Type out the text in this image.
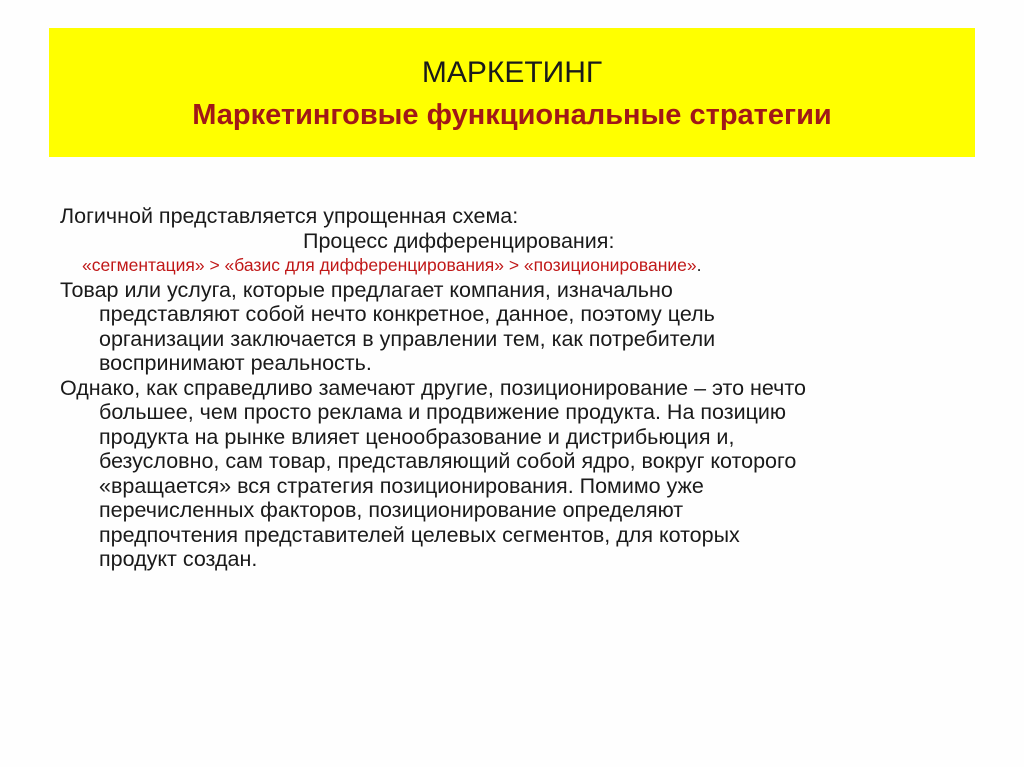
МАРКЕТИНГ
Маркетинговые функциональные стратегии
Логичной представляется упрощенная схема:
Процесс дифференцирования:
«сегментация» > «базис для дифференцирования» > «позиционирование».
Товар или услуга, которые предлагает компания, изначально
представляют собой нечто конкретное, данное, поэтому цель
организации заключается в управлении тем, как потребители
воспринимают реальность.
Однако, как справедливо замечают другие, позиционирование – это нечто
большее, чем просто реклама и продвижение продукта. На позицию
продукта на рынке влияет ценообразование и дистрибьюция и,
безусловно, сам товар, представляющий собой ядро, вокруг которого
«вращается» вся стратегия позиционирования. Помимо уже
перечисленных факторов, позиционирование определяют
предпочтения представителей целевых сегментов, для которых
продукт создан.
